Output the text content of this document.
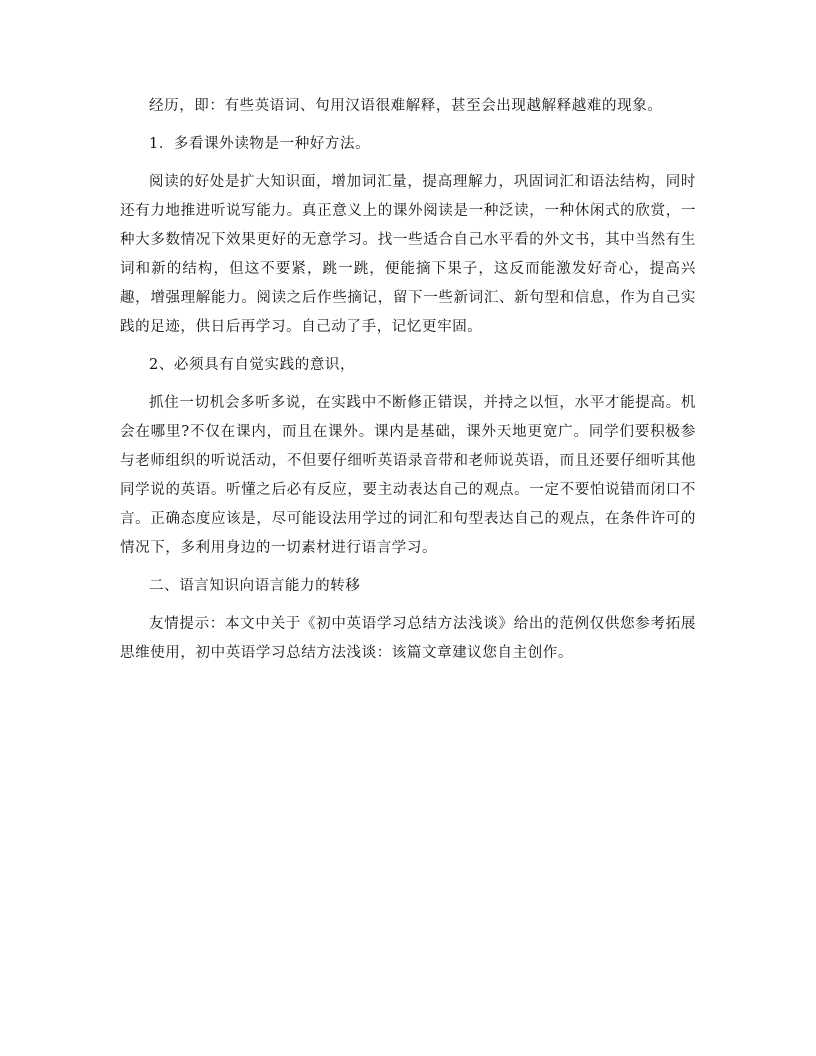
经历，即：有些英语词、句用汉语很难解释，甚至会出现越解释越难的现象。

1．多看课外读物是一种好方法。

阅读的好处是扩大知识面，增加词汇量，提高理解力，巩固词汇和语法结构，同时还有力地推进听说写能力。真正意义上的课外阅读是一种泛读，一种休闲式的欣赏，一种大多数情况下效果更好的无意学习。找一些适合自己水平看的外文书，其中当然有生词和新的结构，但这不要紧，跳一跳，便能摘下果子，这反而能激发好奇心，提高兴趣，增强理解能力。阅读之后作些摘记，留下一些新词汇、新句型和信息，作为自己实践的足迹，供日后再学习。自己动了手，记忆更牢固。

2、必须具有自觉实践的意识，

抓住一切机会多听多说，在实践中不断修正错误，并持之以恒，水平才能提高。机会在哪里?不仅在课内，而且在课外。课内是基础，课外天地更宽广。同学们要积极参与老师组织的听说活动，不但要仔细听英语录音带和老师说英语，而且还要仔细听其他同学说的英语。听懂之后必有反应，要主动表达自己的观点。一定不要怕说错而闭口不言。正确态度应该是，尽可能设法用学过的词汇和句型表达自己的观点，在条件许可的情况下，多利用身边的一切素材进行语言学习。

二、语言知识向语言能力的转移

友情提示：本文中关于《初中英语学习总结方法浅谈》给出的范例仅供您参考拓展思维使用，初中英语学习总结方法浅谈：该篇文章建议您自主创作。
